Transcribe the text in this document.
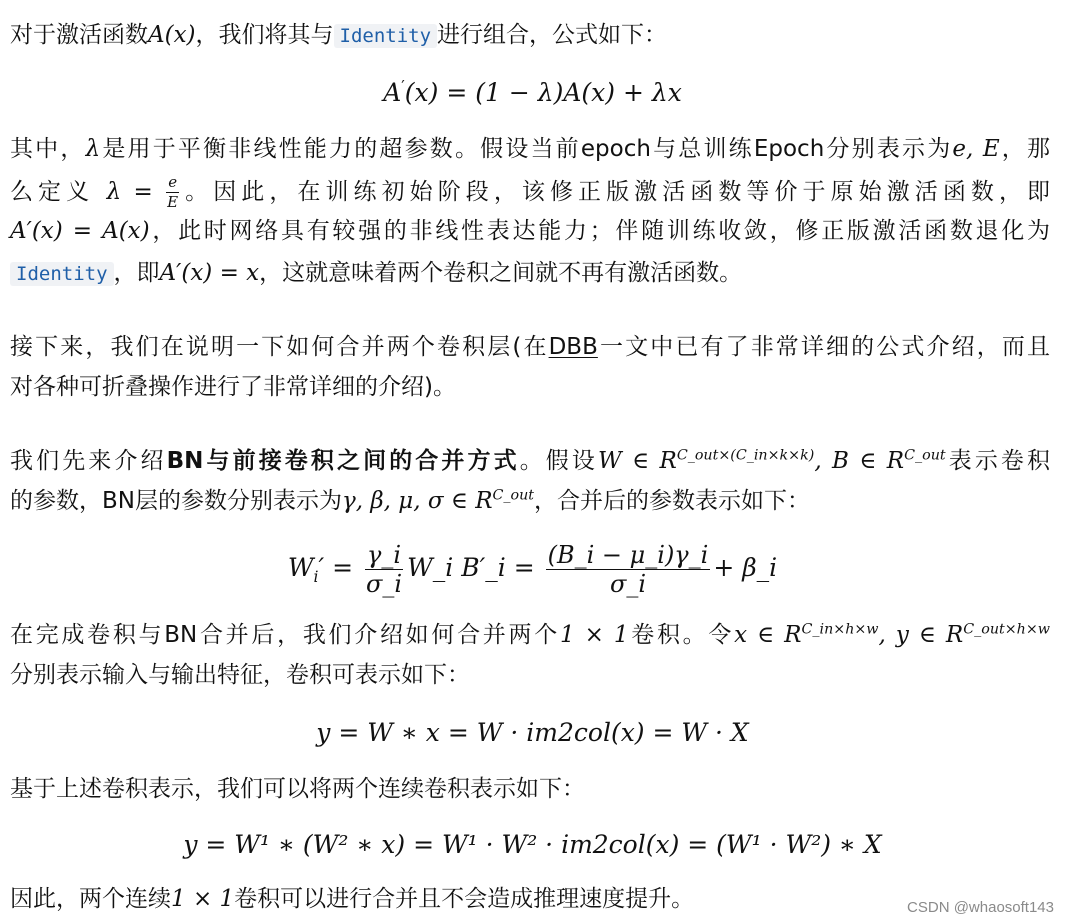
对于激活函数A(x)，我们将其与 Identity 进行组合，公式如下：
A′(x) = (1 − λ)A(x) + λx
其中，λ是用于平衡非线性能力的超参数。假设当前epoch与总训练Epoch分别表示为e, E，那
么定义 $\lambda = \frac{e}{E}$ 。因此，在训练初始阶段，该修正版激活函数等价于原始激活函数，即
A′(x) = A(x)，此时网络具有较强的非线性表达能力；伴随训练收敛，修正版激活函数退化为
Identity ，即A′(x) = x，这就意味着两个卷积之间就不再有激活函数。
接下来，我们在说明一下如何合并两个卷积层(在DBB一文中已有了非常详细的公式介绍，而且
对各种可折叠操作进行了非常详细的介绍)。
我们先来介绍BN与前接卷积之间的合并方式。假设W ∈ $R^{C\_out\times(C\_in\times k\times k)}$, B ∈ $R^{C\_out}$表示卷积
的参数，BN层的参数分别表示为γ, β, μ, σ ∈ $R^{C\_out}$，合并后的参数表示如下：
$W_i' = \frac{\gamma\_i}{\sigma\_i}$ W_i B′_i = $\frac{(B\_i - \mu\_i)\gamma\_i}{\sigma\_i}$ + β_i
在完成卷积与BN合并后，我们介绍如何合并两个1 × 1卷积。令x ∈ $R^{C\_in\times h\times w}$, y ∈ $R^{C\_out\times h\times w}$
分别表示输入与输出特征，卷积可表示如下：
y = W ∗ x = W · im2col(x) = W · X
基于上述卷积表示，我们可以将两个连续卷积表示如下：
y = W¹ ∗ (W² ∗ x) = W¹ · W² · im2col(x) = (W¹ · W²) ∗ X
因此，两个连续1 × 1卷积可以进行合并且不会造成推理速度提升。	CSDN @whaosoft143
